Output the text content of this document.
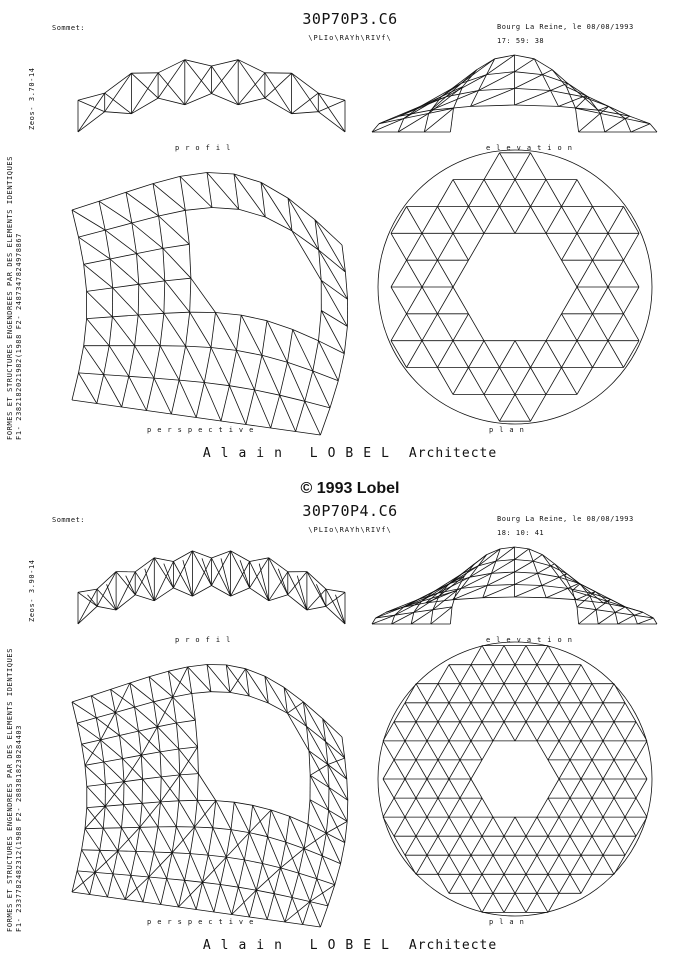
Sommet:	30P70P3.C6
\PLIo\RAYh\RIVf\
Bourg La Reine, le 08/08/1993
17: 59: 38
FORMES ET STRUCTURES ENGENDREES PAR DES ELEMENTS IDENTIQUES F1- 2382182021982(1988 F2- 2487347824978867
Zeos- 3.70-14
profil	elevation
perspective	plan
Alain LOBEL Architecte
© 1993 Lobel
Sommet:	30P70P4.C6
\PLIo\RAYh\RIVf\
Bourg La Reine, le 08/08/1993
18: 10: 41
FORMES ET STRUCTURES ENGENDREES PAR DES ELEMENTS IDENTIQUES F1- 2337782482312(1988 F2- 2883818230284403
Zeos- 3.90-14
profil	elevation
perspective	plan
Alain LOBEL Architecte
